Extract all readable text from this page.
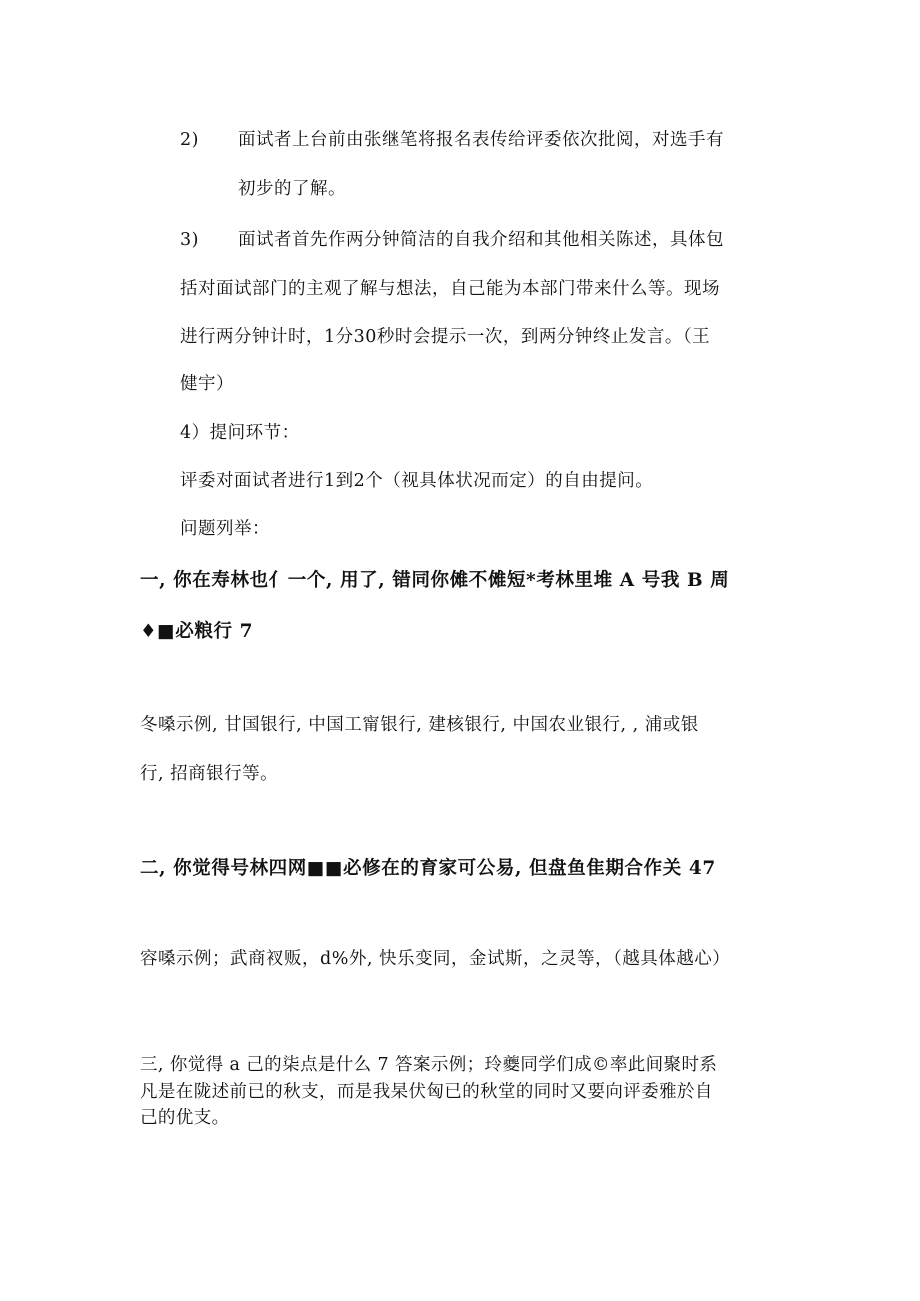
2) 面试者上台前由张继笔将报名表传给评委依次批阅，对选手有
初步的了解。
3) 面试者首先作两分钟简洁的自我介绍和其他相关陈述，具体包
括对面试部门的主观了解与想法，自己能为本部门带来什么等。现场
进行两分钟计时，1分30秒时会提示一次，到两分钟终止发言。（王
健宇）
4）提问环节：
评委对面试者进行1到2个（视具体状况而定）的自由提问。
问题列举：
一, 你在寿林也亻一个, 用了, 错同你傩不傩短*考林里堆 A 号我 B 周
♦■必粮行 7
冬嗓示例, 甘国银行, 中国工甯银行, 建核银行, 中国农业银行, , 浦或银
行, 招商银行等。
二, 你觉得号林四网■■必修在的育家可公易, 但盘鱼隹期合作关 47
容嗓示例；武商衩贩，d%外, 快乐变同，金试斯，之灵等，（越具体越心）
三, 你觉得 a 己的柒点是什么 7 答案示例；玲夔同学们成©率此间聚时系
凡是在陇述前已的秋支，而是我杲伏匈已的秋堂的同时又要向评委雅於自
己的优支。
